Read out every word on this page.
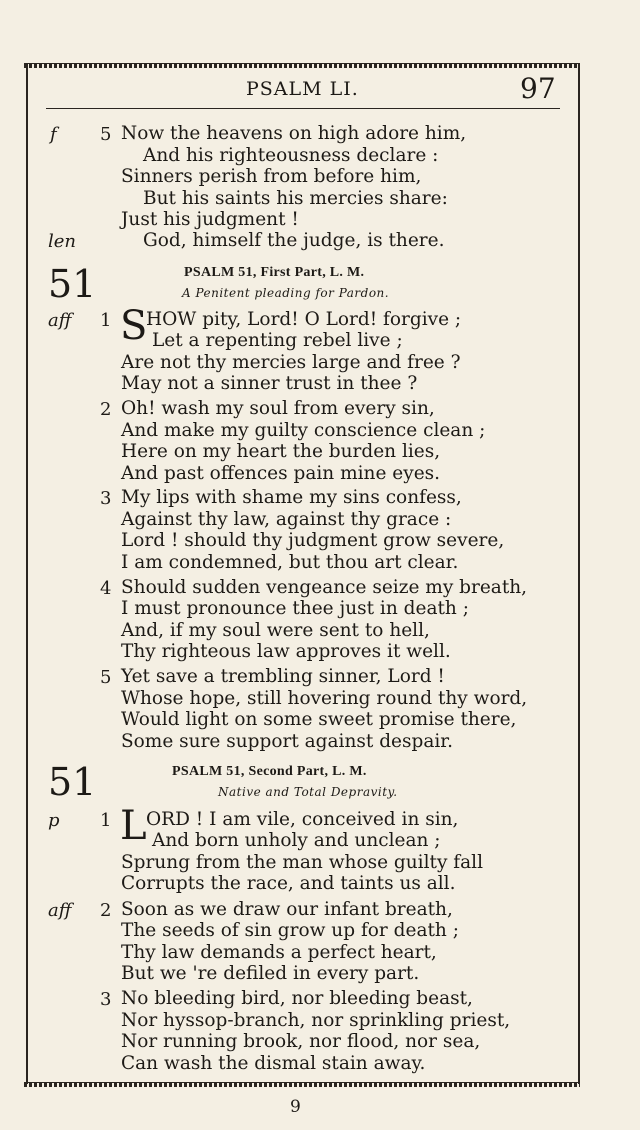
PSALM LI.	97
f 5 Now the heavens on high adore him,
And his righteousness declare :
Sinners perish from before him,
But his saints his mercies share:
Just his judgment !
len	God, himself the judge, is there.
51	PSALM 51, First Part, L. M.
A Penitent pleading for Pardon.
aff 1 S
HOW pity, Lord! O Lord! forgive ;
Let a repenting rebel live ;
Are not thy mercies large and free ?
May not a sinner trust in thee ?
2 Oh! wash my soul from every sin,
And make my guilty conscience clean ;
Here on my heart the burden lies,
And past offences pain mine eyes.
3 My lips with shame my sins confess,
Against thy law, against thy grace :
Lord ! should thy judgment grow severe,
I am condemned, but thou art clear.
4 Should sudden vengeance seize my breath,
I must pronounce thee just in death ;
And, if my soul were sent to hell,
Thy righteous law approves it well.
5 Yet save a trembling sinner, Lord !
Whose hope, still hovering round thy word,
Would light on some sweet promise there,
Some sure support against despair.
51	PSALM 51, Second Part, L. M.
Native and Total Depravity.
p 1 L ORD ! I am vile, conceived in sin,
And born unholy and unclean ;
Sprung from the man whose guilty fall
Corrupts the race, and taints us all.
aff 2 Soon as we draw our infant breath,
The seeds of sin grow up for death ;
Thy law demands a perfect heart,
But we 're defiled in every part.
3 No bleeding bird, nor bleeding beast,
Nor hyssop-branch, nor sprinkling priest,
Nor running brook, nor flood, nor sea,
Can wash the dismal stain away.
9
